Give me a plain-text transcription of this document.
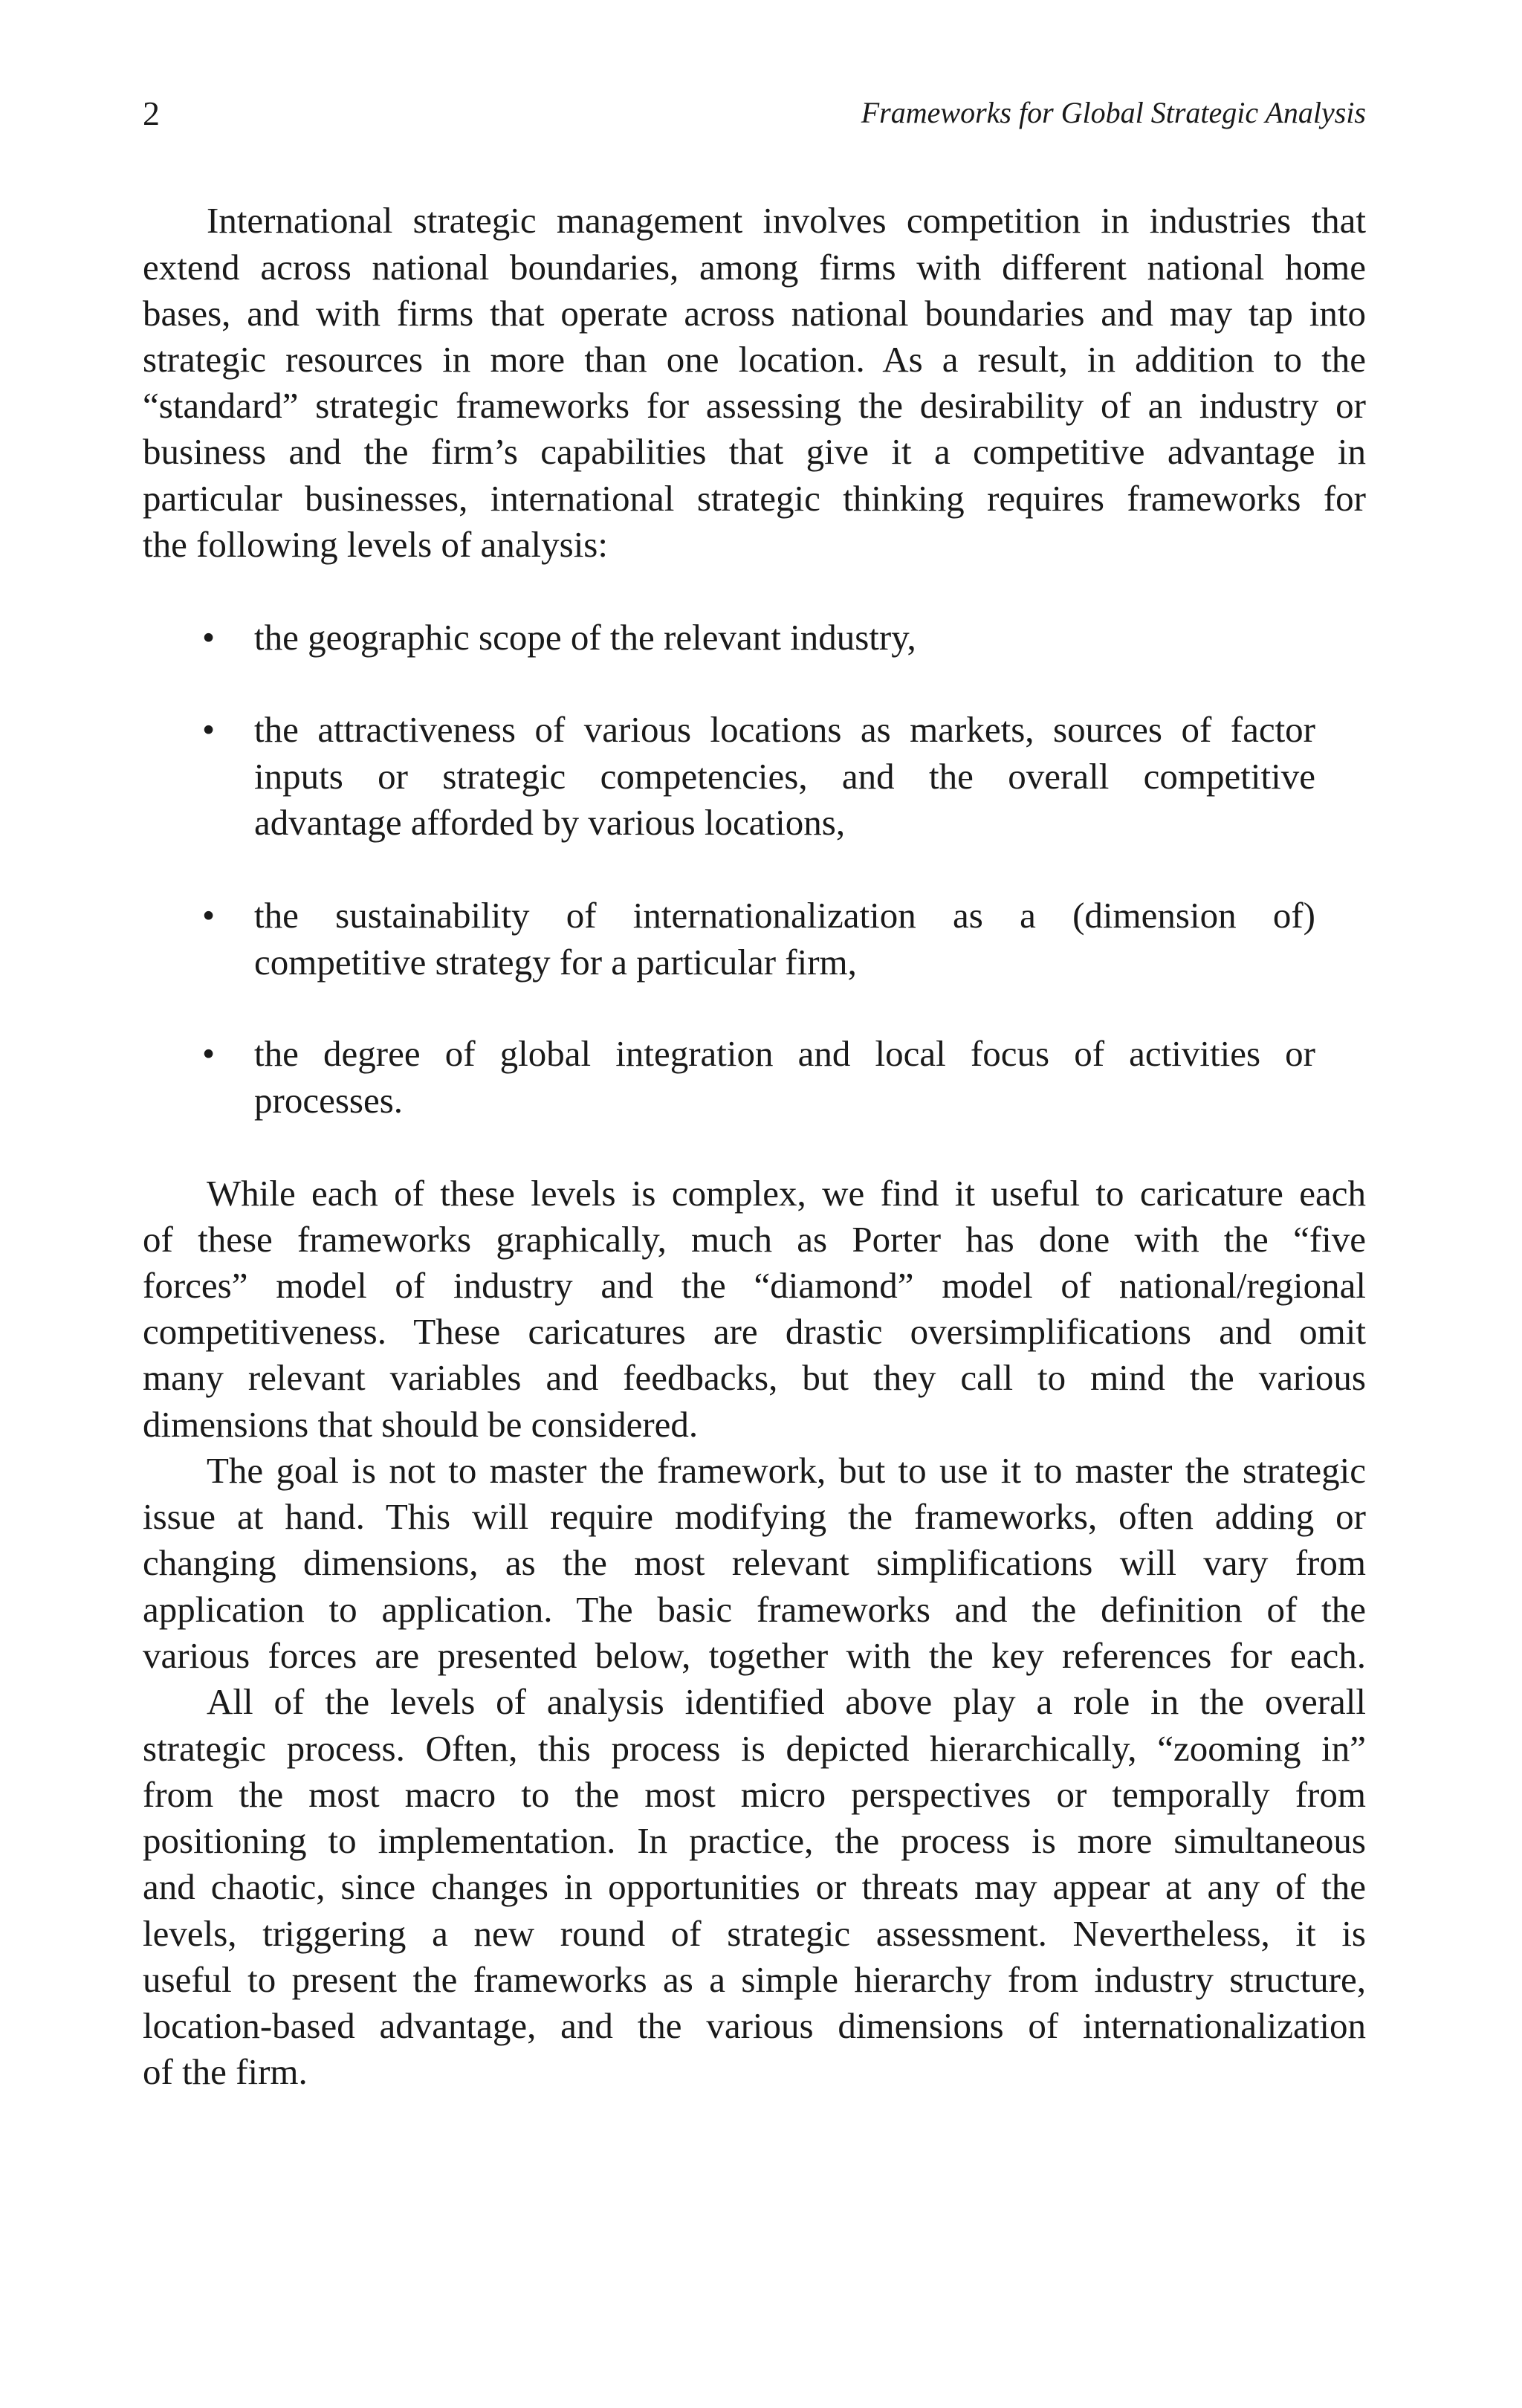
2	Frameworks for Global Strategic Analysis
International strategic management involves competition in industries that
extend across national boundaries, among firms with different national home
bases, and with firms that operate across national boundaries and may tap into
strategic resources in more than one location. As a result, in addition to the
“standard” strategic frameworks for assessing the desirability of an industry or
business and the firm’s capabilities that give it a competitive advantage in
particular businesses, international strategic thinking requires frameworks for
the following levels of analysis:
• the geographic scope of the relevant industry,
• the attractiveness of various locations as markets, sources of factor
inputs or strategic competencies, and the overall competitive
advantage afforded by various locations,
• the sustainability of internationalization as a (dimension of)
competitive strategy for a particular firm,
• the degree of global integration and local focus of activities or
processes.
While each of these levels is complex, we find it useful to caricature each
of these frameworks graphically, much as Porter has done with the “five
forces” model of industry and the “diamond” model of national/regional
competitiveness. These caricatures are drastic oversimplifications and omit
many relevant variables and feedbacks, but they call to mind the various
dimensions that should be considered.
The goal is not to master the framework, but to use it to master the strategic
issue at hand. This will require modifying the frameworks, often adding or
changing dimensions, as the most relevant simplifications will vary from
application to application. The basic frameworks and the definition of the
various forces are presented below, together with the key references for each.
All of the levels of analysis identified above play a role in the overall
strategic process. Often, this process is depicted hierarchically, “zooming in”
from the most macro to the most micro perspectives or temporally from
positioning to implementation. In practice, the process is more simultaneous
and chaotic, since changes in opportunities or threats may appear at any of the
levels, triggering a new round of strategic assessment. Nevertheless, it is
useful to present the frameworks as a simple hierarchy from industry structure,
location-based advantage, and the various dimensions of internationalization
of the firm.
